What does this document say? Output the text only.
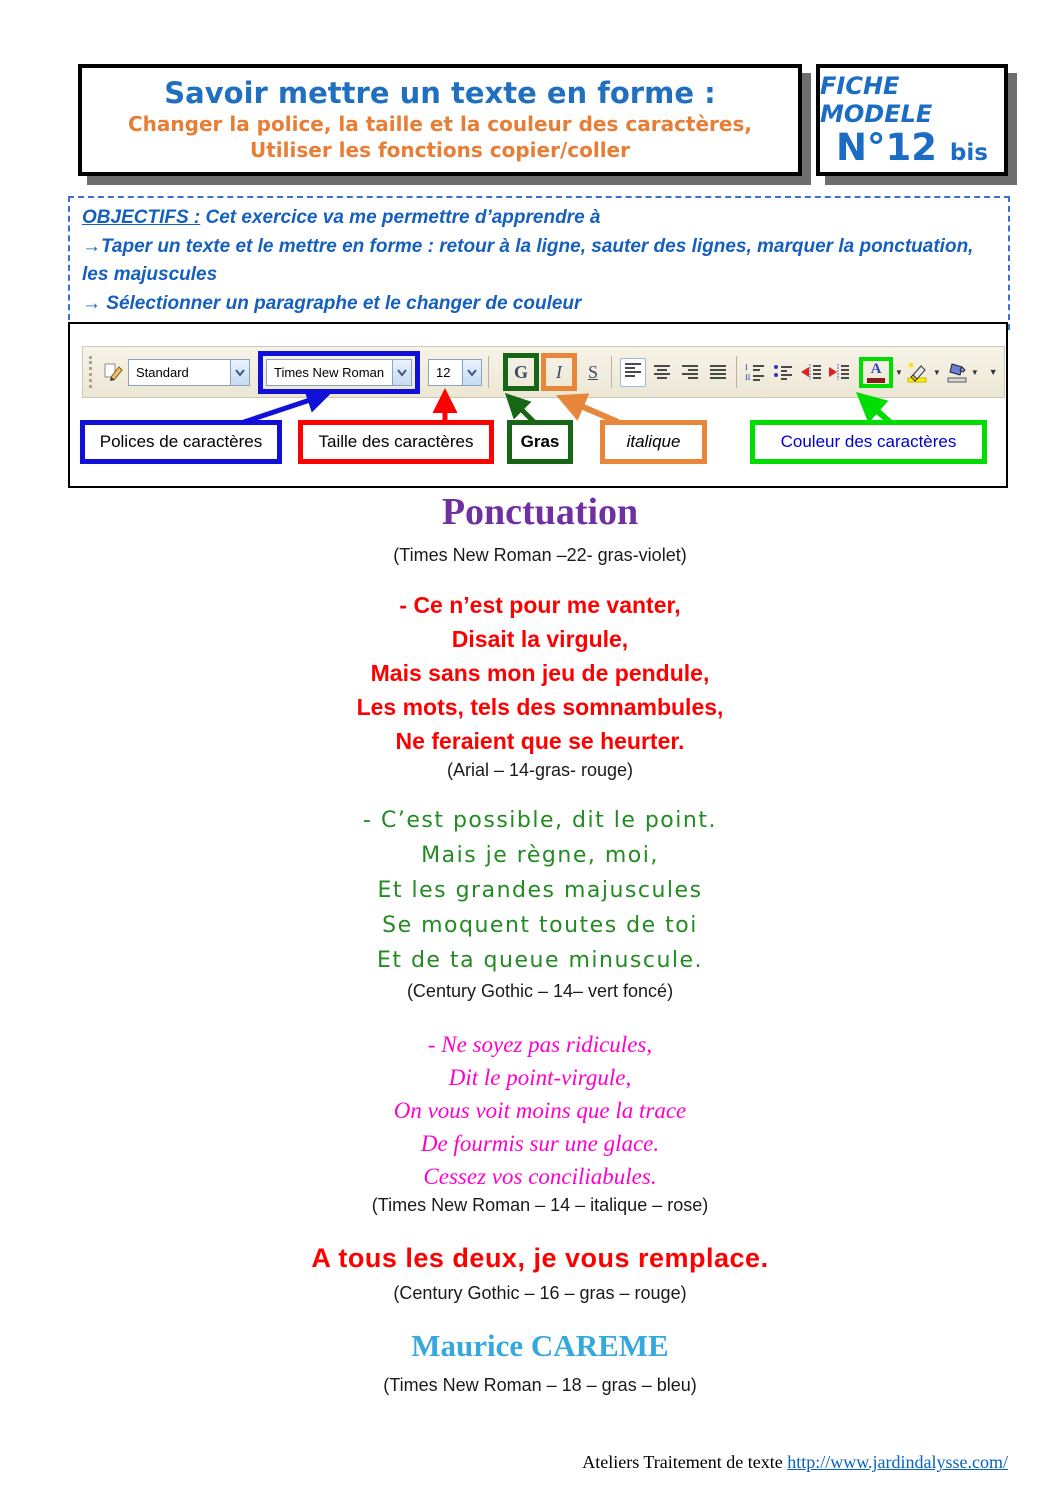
Savoir mettre un texte en forme :
Changer la police, la taille et la couleur des caractères,
Utiliser les fonctions copier/coller
FICHE MODELE
N°12 bis
OBJECTIFS : Cet exercice va me permettre d’apprendre à
→Taper un texte et le mettre en forme : retour à la ligne, sauter des lignes, marquer la ponctuation, les majuscules
→ Sélectionner un paragraphe et le changer de couleur
Standard	Times New Roman	12	G	I	S	I
II
A ▼	▼	▼ ▼
Polices de caractères	Taille des caractères	Gras	italique	Couleur des caractères
Ponctuation
(Times New Roman –22- gras-violet)
- Ce n’est pour me vanter,
Disait la virgule,
Mais sans mon jeu de pendule,
Les mots, tels des somnambules,
Ne feraient que se heurter.
(Arial – 14-gras- rouge)
- C’est possible, dit le point.
Mais je règne, moi,
Et les grandes majuscules
Se moquent toutes de toi
Et de ta queue minuscule.
(Century Gothic – 14– vert foncé)
- Ne soyez pas ridicules,
Dit le point-virgule,
On vous voit moins que la trace
De fourmis sur une glace.
Cessez vos conciliabules.
(Times New Roman – 14 – italique – rose)
A tous les deux, je vous remplace.
(Century Gothic – 16 – gras – rouge)
Maurice CAREME
(Times New Roman – 18 – gras – bleu)
Ateliers Traitement de texte http://www.jardindalysse.com/
